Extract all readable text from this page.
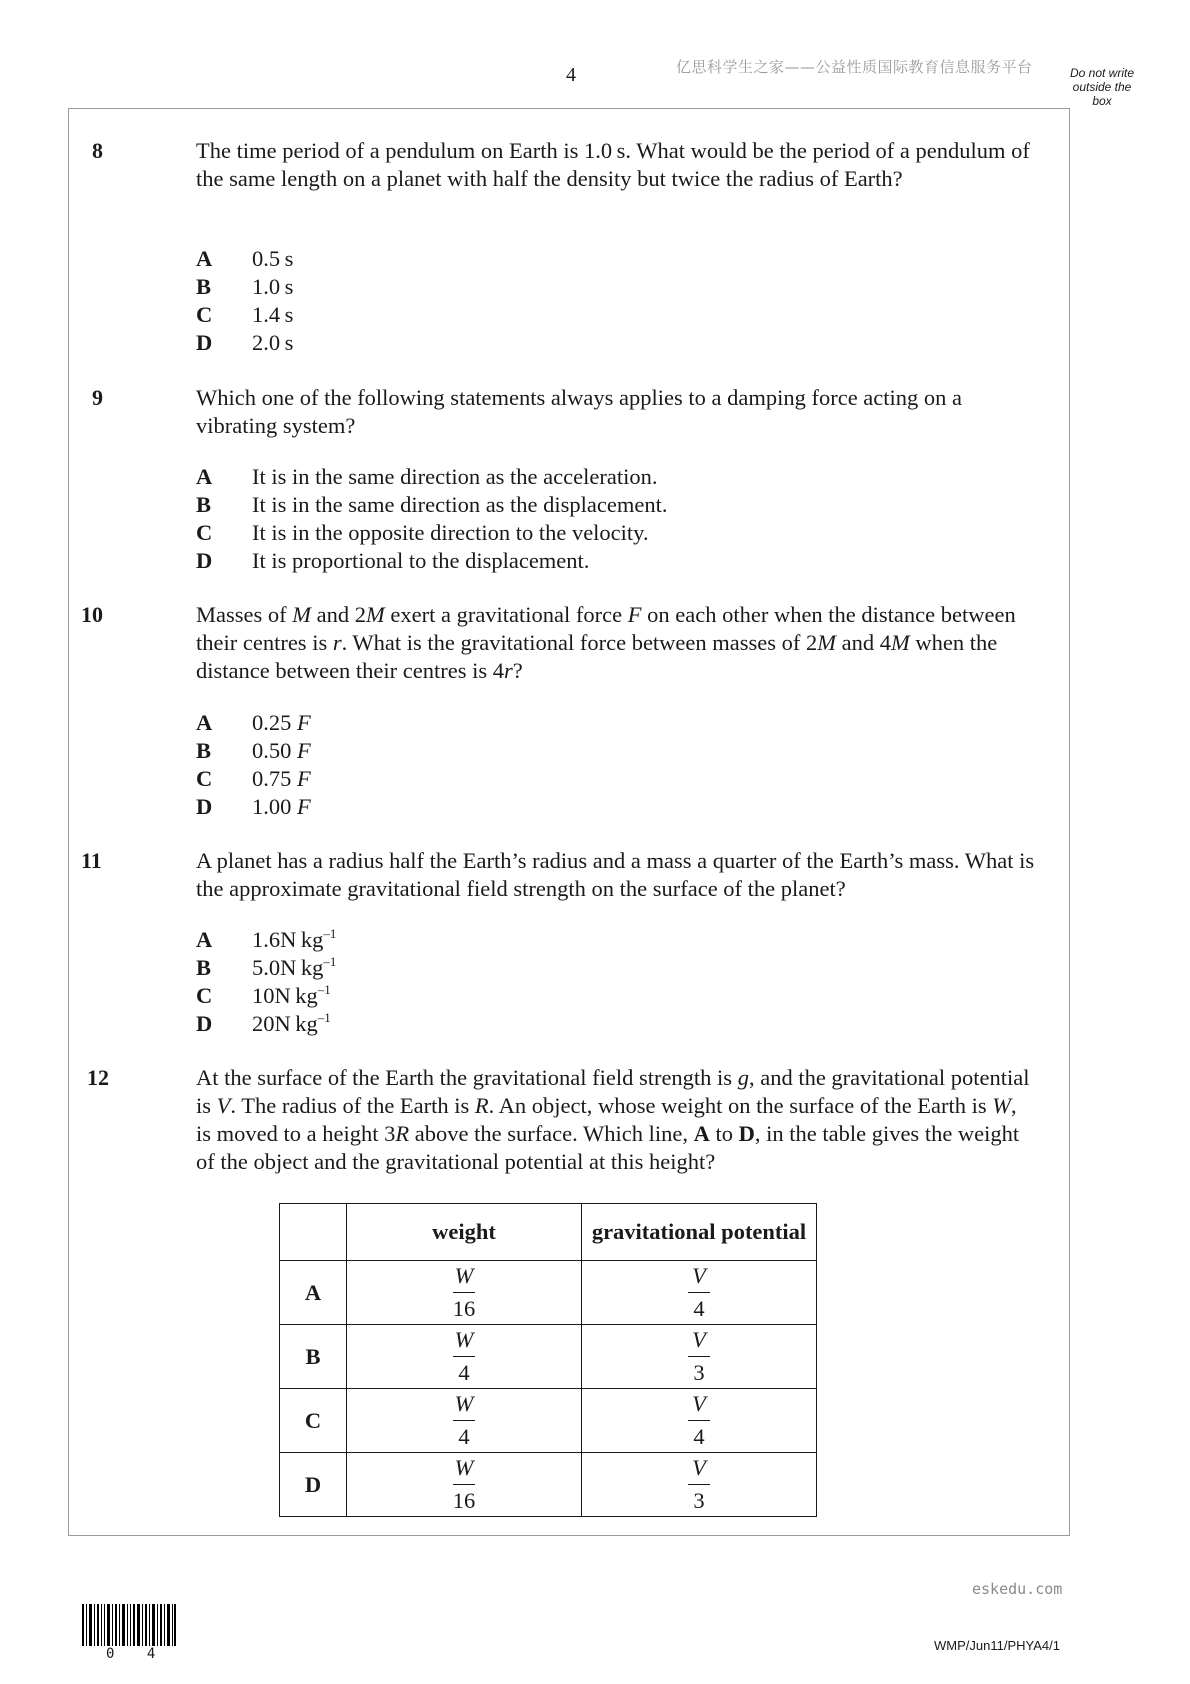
4	亿思科学生之家——公益性质国际教育信息服务平台	Do not write outside the box
8	The time period of a pendulum on Earth is 1.0 s. What would be the period of a pendulum of the same length on a planet with half the density but twice the radius of Earth?
A 0.5 s
B 1.0 s
C 1.4 s
D 2.0 s
9	Which one of the following statements always applies to a damping force acting on a vibrating system?
A It is in the same direction as the acceleration.
B It is in the same direction as the displacement.
C It is in the opposite direction to the velocity.
D It is proportional to the displacement.
10	Masses of M and 2M exert a gravitational force F on each other when the distance between their centres is r. What is the gravitational force between masses of 2M and 4M when the distance between their centres is 4r?
A 0.25 F
B 0.50 F
C 0.75 F
D 1.00 F
11	A planet has a radius half the Earth’s radius and a mass a quarter of the Earth’s mass. What is the approximate gravitational field strength on the surface of the planet?
A 1.6N $kg^{-1}$
B 5.0N $kg^{-1}$
C 10N $kg^{-1}$
D 20N $kg^{-1}$
12	At the surface of the Earth the gravitational field strength is g, and the gravitational potential is V. The radius of the Earth is R. An object, whose weight on the surface of the Earth is W, is moved to a height 3R above the surface. Which line, A to D, in the table gives the weight of the object and the gravitational potential at this height?
	weight	gravitational potential
A	$\frac{W}{16}$	$\frac{V}{4}$

B	$\frac{W}{4}$	$\frac{V}{3}$

C	$\frac{W}{4}$	$\frac{V}{4}$

D	$\frac{W}{16}$	$\frac{V}{3}$
eskedu.com
0 4
WMP/Jun11/PHYA4/1
